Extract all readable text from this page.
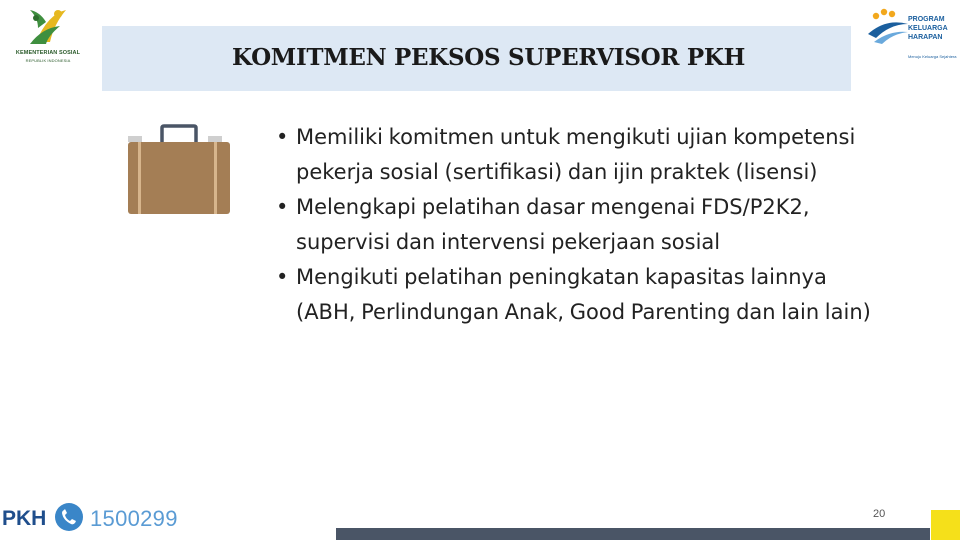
KEMENTERIAN SOSIAL
REPUBLIK INDONESIA	KOMITMEN PEKSOS SUPERVISOR PKH
PROGRAM
KELUARGA
HARAPAN
Menuju Keluarga Sejahtera
• Memiliki komitmen untuk mengikuti ujian kompetensi pekerja sosial (sertifikasi) dan ijin praktek (lisensi)
• Melengkapi pelatihan dasar mengenai FDS/P2K2, supervisi dan intervensi pekerjaan sosial
• Mengikuti pelatihan peningkatan kapasitas lainnya (ABH, Perlindungan Anak, Good Parenting dan lain lain)
PKH 1500299	20
